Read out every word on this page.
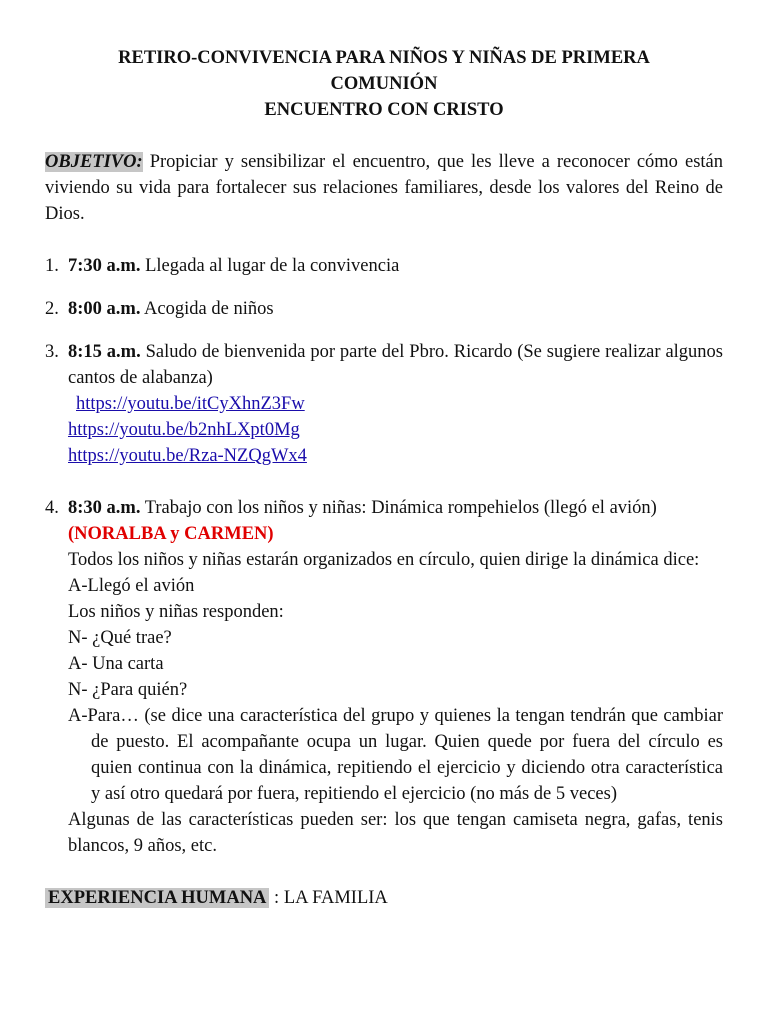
RETIRO-CONVIVENCIA PARA NIÑOS Y NIÑAS DE PRIMERA
COMUNIÓN
ENCUENTRO CON CRISTO
OBJETIVO: Propiciar y sensibilizar el encuentro, que les lleve a reconocer cómo están viviendo su vida para fortalecer sus relaciones familiares, desde los valores del Reino de Dios.
1. 7:30 a.m. Llegada al lugar de la convivencia
2. 8:00 a.m. Acogida de niños
3. 8:15 a.m. Saludo de bienvenida por parte del Pbro. Ricardo (Se sugiere realizar algunos cantos de alabanza)
https://youtu.be/itCyXhnZ3Fw
https://youtu.be/b2nhLXpt0Mg
https://youtu.be/Rza-NZQgWx4
4. 8:30 a.m. Trabajo con los niños y niñas: Dinámica rompehielos (llegó el avión)
(NORALBA y CARMEN)
Todos los niños y niñas estarán organizados en círculo, quien dirige la dinámica dice:
A-Llegó el avión
Los niños y niñas responden:
N- ¿Qué trae?
A- Una carta
N- ¿Para quién?
A-Para… (se dice una característica del grupo y quienes la tengan tendrán que cambiar de puesto. El acompañante ocupa un lugar. Quien quede por fuera del círculo es quien continua con la dinámica, repitiendo el ejercicio y diciendo otra característica y así otro quedará por fuera, repitiendo el ejercicio (no más de 5 veces)
Algunas de las características pueden ser: los que tengan camiseta negra, gafas, tenis blancos, 9 años, etc.
EXPERIENCIA HUMANA : LA FAMILIA
